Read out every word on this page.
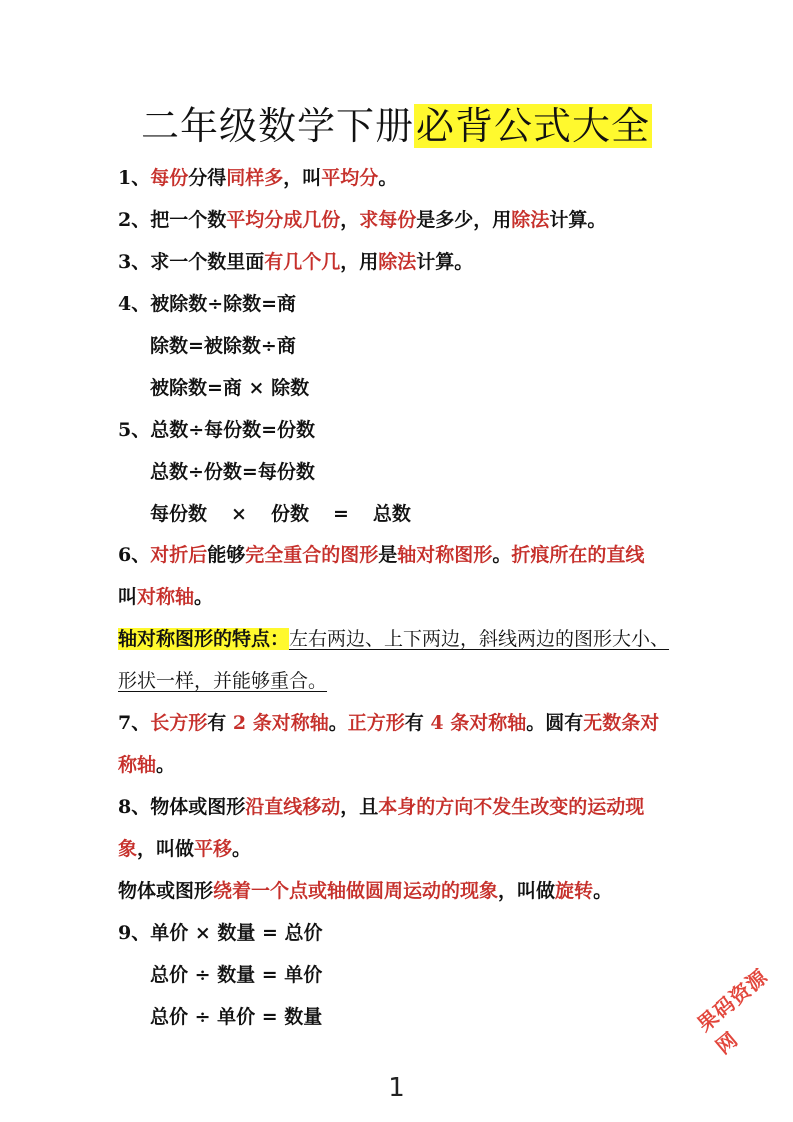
二年级数学下册必背公式大全
1、每份分得同样多，叫平均分。
2、把一个数平均分成几份，求每份是多少，用除法计算。
3、求一个数里面有几个几，用除法计算。
4、被除数÷除数=商
除数=被除数÷商
被除数=商 × 除数
5、总数÷每份数=份数
总数÷份数=每份数
每份数 × 份数 = 总数
6、对折后能够完全重合的图形是轴对称图形。折痕所在的直线
叫对称轴。
轴对称图形的特点：左右两边、上下两边，斜线两边的图形大小、
形状一样，并能够重合。
7、长方形有 2 条对称轴。正方形有 4 条对称轴。圆有无数条对
称轴。
8、物体或图形沿直线移动，且本身的方向不发生改变的运动现
象，叫做平移。
物体或图形绕着一个点或轴做圆周运动的现象，叫做旋转。
9、单价 × 数量 = 总价
总价 ÷ 数量 = 单价
总价 ÷ 单价 = 数量	果码资源网
1
